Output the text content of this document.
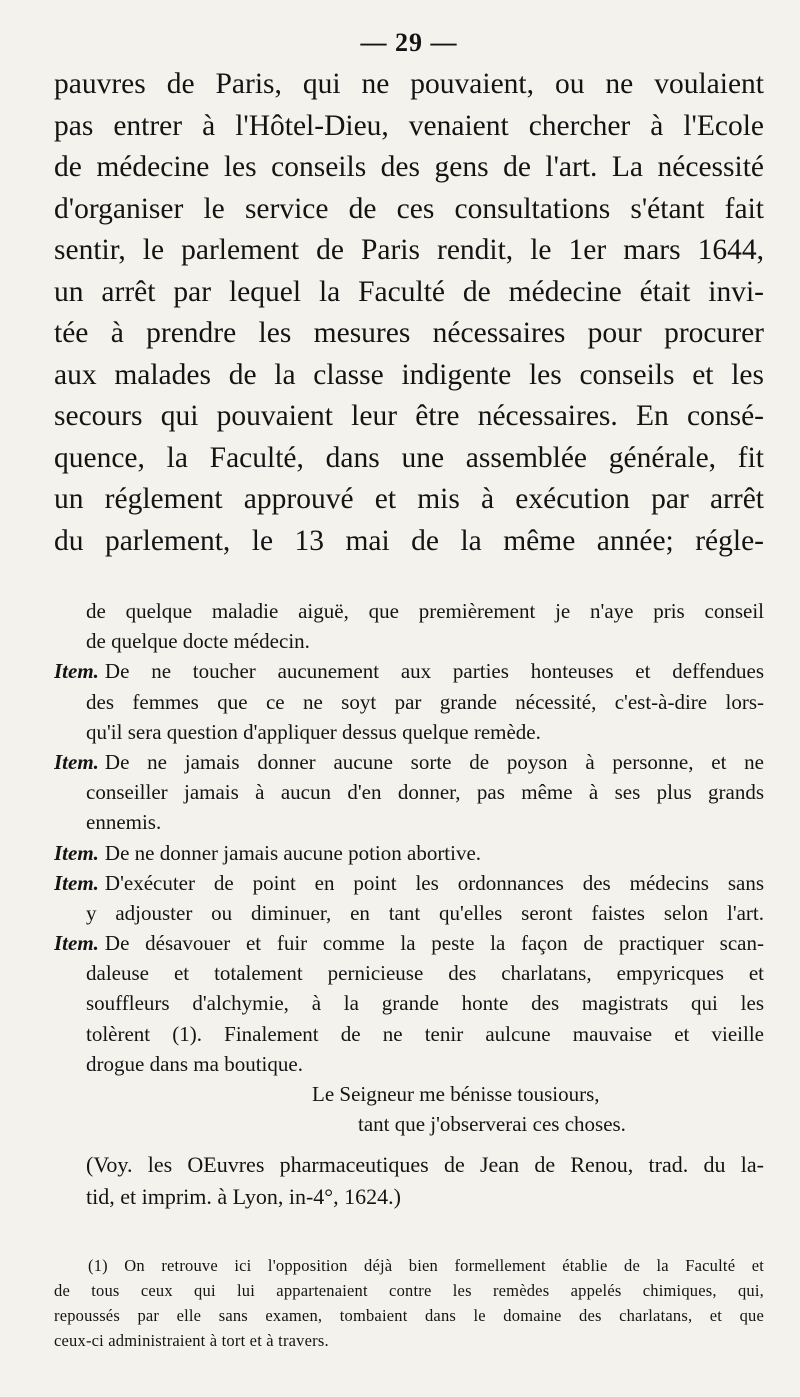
— 29 —
pauvres de Paris, qui ne pouvaient, ou ne voulaient
pas entrer à l'Hôtel-Dieu, venaient chercher à l'Ecole
de médecine les conseils des gens de l'art. La nécessité
d'organiser le service de ces consultations s'étant fait
sentir, le parlement de Paris rendit, le 1er mars 1644,
un arrêt par lequel la Faculté de médecine était invi-
tée à prendre les mesures nécessaires pour procurer
aux malades de la classe indigente les conseils et les
secours qui pouvaient leur être nécessaires. En consé-
quence, la Faculté, dans une assemblée générale, fit
un réglement approuvé et mis à exécution par arrêt
du parlement, le 13 mai de la même année; régle-
de quelque maladie aiguë, que premièrement je n'aye pris conseil
de quelque docte médecin.
Item. De ne toucher aucunement aux parties honteuses et deffendues
des femmes que ce ne soyt par grande nécessité, c'est-à-dire lors-
qu'il sera question d'appliquer dessus quelque remède.
Item. De ne jamais donner aucune sorte de poyson à personne, et ne
conseiller jamais à aucun d'en donner, pas même à ses plus grands
ennemis.
Item. De ne donner jamais aucune potion abortive.
Item. D'exécuter de point en point les ordonnances des médecins sans
y adjouster ou diminuer, en tant qu'elles seront faistes selon l'art.
Item. De désavouer et fuir comme la peste la façon de practiquer scan-
daleuse et totalement pernicieuse des charlatans, empyricques et
souffleurs d'alchymie, à la grande honte des magistrats qui les
tolèrent (1). Finalement de ne tenir aulcune mauvaise et vieille
drogue dans ma boutique.
Le Seigneur me bénisse tousiours,
tant que j'observerai ces choses.
(Voy. les OEuvres pharmaceutiques de Jean de Renou, trad. du la-
tid, et imprim. à Lyon, in-4°, 1624.)
(1) On retrouve ici l'opposition déjà bien formellement établie de la Faculté et
de tous ceux qui lui appartenaient contre les remèdes appelés chimiques, qui,
repoussés par elle sans examen, tombaient dans le domaine des charlatans, et que
ceux-ci administraient à tort et à travers.
